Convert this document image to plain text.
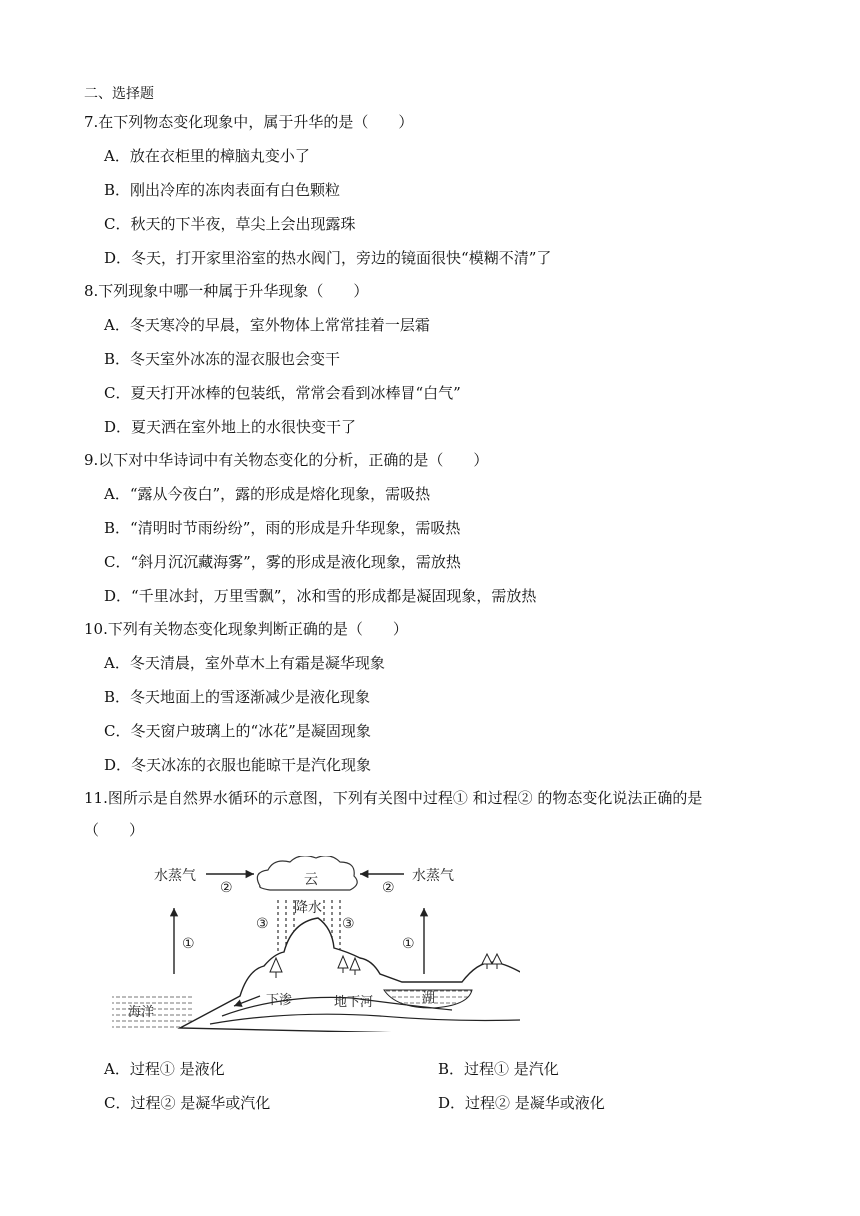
二、选择题
7.在下列物态变化现象中，属于升华的是（　　）
A．放在衣柜里的樟脑丸变小了
B．刚出冷库的冻肉表面有白色颗粒
C．秋天的下半夜，草尖上会出现露珠
D．冬天，打开家里浴室的热水阀门，旁边的镜面很快“模糊不清”了
8.下列现象中哪一种属于升华现象（　　）
A．冬天寒冷的早晨，室外物体上常常挂着一层霜
B．冬天室外冰冻的湿衣服也会变干
C．夏天打开冰棒的包装纸，常常会看到冰棒冒“白气”
D．夏天洒在室外地上的水很快变干了
9.以下对中华诗词中有关物态变化的分析，正确的是（　　）
A．“露从今夜白”，露的形成是熔化现象，需吸热
B．“清明时节雨纷纷”，雨的形成是升华现象，需吸热
C．“斜月沉沉藏海雾”，雾的形成是液化现象，需放热
D．“千里冰封，万里雪飘”，冰和雪的形成都是凝固现象，需放热
10.下列有关物态变化现象判断正确的是（　　）
A．冬天清晨，室外草木上有霜是凝华现象
B．冬天地面上的雪逐渐减少是液化现象
C．冬天窗户玻璃上的“冰花”是凝固现象
D．冬天冰冻的衣服也能晾干是汽化现象
11.图所示是自然界水循环的示意图，下列有关图中过程① 和过程② 的物态变化说法正确的是
（　　）
云
水蒸气
②
水蒸气
②
③	③
降水
①	①
海洋
湖
下渗	地下河
A．过程① 是液化	B．过程① 是汽化
C．过程② 是凝华或汽化	D．过程② 是凝华或液化
